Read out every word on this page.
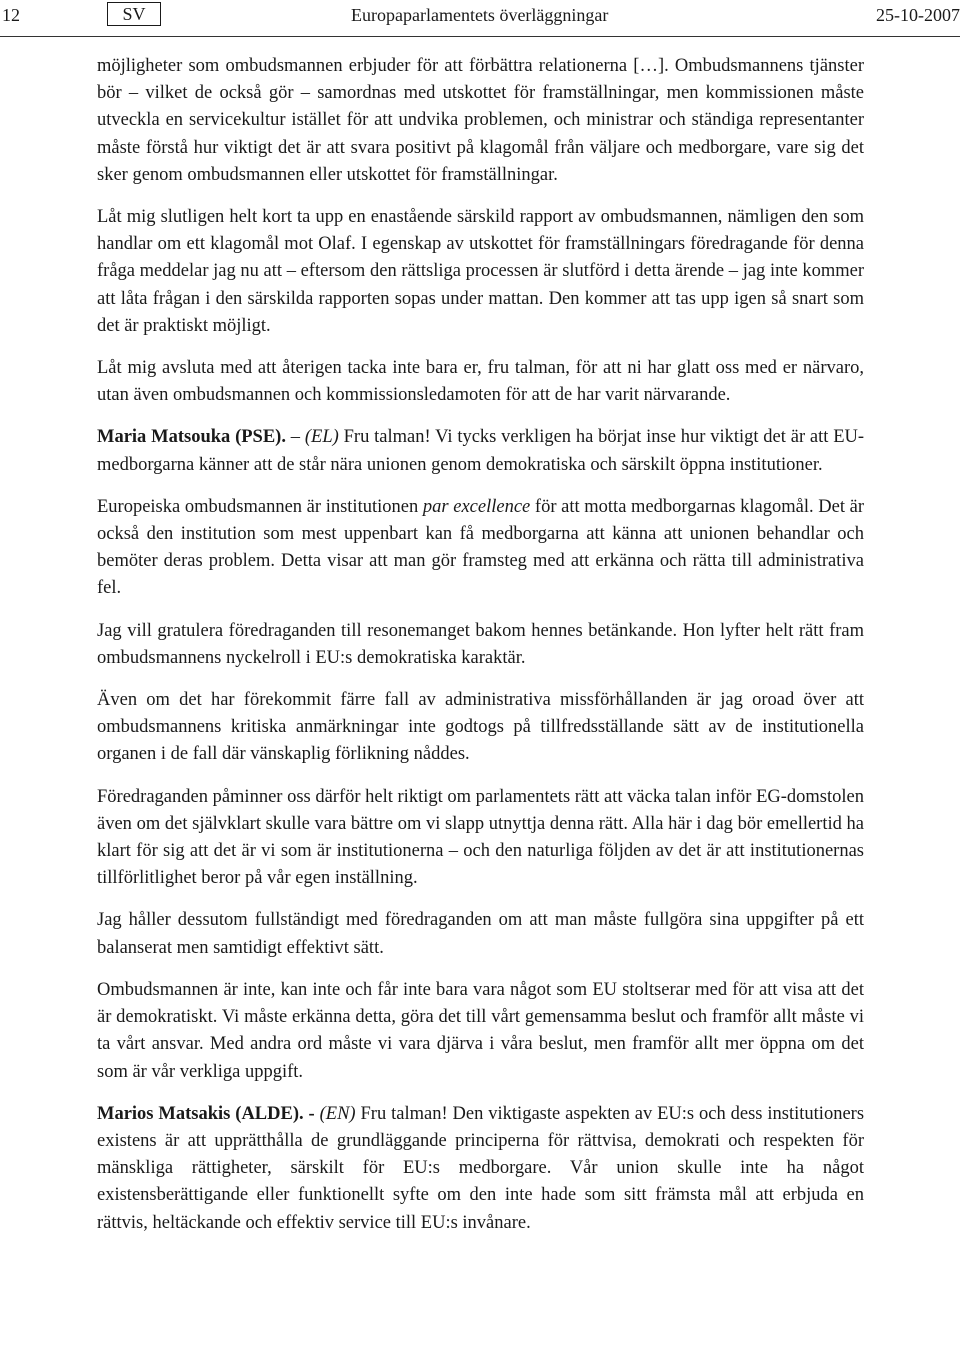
12	SV	Europaparlamentets överläggningar	25-10-2007

möjligheter som ombudsmannen erbjuder för att förbättra relationerna […]. Ombudsmannens tjänster bör – vilket de också gör – samordnas med utskottet för framställningar, men kommissionen måste utveckla en servicekultur istället för att undvika problemen, och ministrar och ständiga representanter måste förstå hur viktigt det är att svara positivt på klagomål från väljare och medborgare, vare sig det sker genom ombudsmannen eller utskottet för framställningar.

Låt mig slutligen helt kort ta upp en enastående särskild rapport av ombudsmannen, nämligen den som handlar om ett klagomål mot Olaf. I egenskap av utskottet för framställningars föredragande för denna fråga meddelar jag nu att – eftersom den rättsliga processen är slutförd i detta ärende – jag inte kommer att låta frågan i den särskilda rapporten sopas under mattan. Den kommer att tas upp igen så snart som det är praktiskt möjligt.

Låt mig avsluta med att återigen tacka inte bara er, fru talman, för att ni har glatt oss med er närvaro, utan även ombudsmannen och kommissionsledamoten för att de har varit närvarande.

Maria Matsouka (PSE). – (EL) Fru talman! Vi tycks verkligen ha börjat inse hur viktigt det är att EU-medborgarna känner att de står nära unionen genom demokratiska och särskilt öppna institutioner.

Europeiska ombudsmannen är institutionen par excellence för att motta medborgarnas klagomål. Det är också den institution som mest uppenbart kan få medborgarna att känna att unionen behandlar och bemöter deras problem. Detta visar att man gör framsteg med att erkänna och rätta till administrativa fel.

Jag vill gratulera föredraganden till resonemanget bakom hennes betänkande. Hon lyfter helt rätt fram ombudsmannens nyckelroll i EU:s demokratiska karaktär.

Även om det har förekommit färre fall av administrativa missförhållanden är jag oroad över att ombudsmannens kritiska anmärkningar inte godtogs på tillfredsställande sätt av de institutionella organen i de fall där vänskaplig förlikning nåddes.

Föredraganden påminner oss därför helt riktigt om parlamentets rätt att väcka talan inför EG-domstolen även om det självklart skulle vara bättre om vi slapp utnyttja denna rätt. Alla här i dag bör emellertid ha klart för sig att det är vi som är institutionerna – och den naturliga följden av det är att institutionernas tillförlitlighet beror på vår egen inställning.

Jag håller dessutom fullständigt med föredraganden om att man måste fullgöra sina uppgifter på ett balanserat men samtidigt effektivt sätt.

Ombudsmannen är inte, kan inte och får inte bara vara något som EU stoltserar med för att visa att det är demokratiskt. Vi måste erkänna detta, göra det till vårt gemensamma beslut och framför allt måste vi ta vårt ansvar. Med andra ord måste vi vara djärva i våra beslut, men framför allt mer öppna om det som är vår verkliga uppgift.

Marios Matsakis (ALDE). - (EN) Fru talman! Den viktigaste aspekten av EU:s och dess institutioners existens är att upprätthålla de grundläggande principerna för rättvisa, demokrati och respekten för mänskliga rättigheter, särskilt för EU:s medborgare. Vår union skulle inte ha något existensberättigande eller funktionellt syfte om den inte hade som sitt främsta mål att erbjuda en rättvis, heltäckande och effektiv service till EU:s invånare.
